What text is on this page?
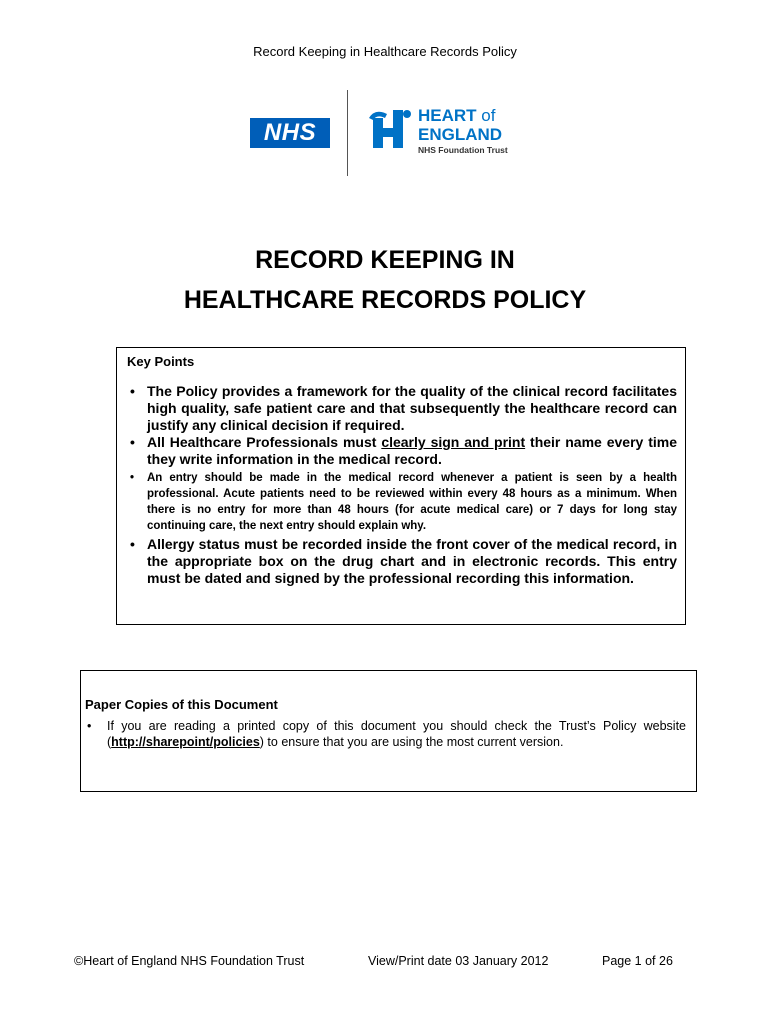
Record Keeping in Healthcare Records Policy
NHS
HEART of
ENGLAND
NHS Foundation Trust
RECORD KEEPING IN
HEALTHCARE RECORDS POLICY
Key Points
• The Policy provides a framework for the quality of the clinical record facilitates high quality, safe patient care and that subsequently the healthcare record can justify any clinical decision if required.
• All Healthcare Professionals must clearly sign and print their name every time they write information in the medical record.
• An entry should be made in the medical record whenever a patient is seen by a health professional. Acute patients need to be reviewed within every 48 hours as a minimum. When there is no entry for more than 48 hours (for acute medical care) or 7 days for long stay continuing care, the next entry should explain why.
• Allergy status must be recorded inside the front cover of the medical record, in the appropriate box on the drug chart and in electronic records. This entry must be dated and signed by the professional recording this information.
Paper Copies of this Document
• If you are reading a printed copy of this document you should check the Trust’s Policy website (http://sharepoint/policies) to ensure that you are using the most current version.
©Heart of England NHS Foundation Trust	View/Print date 03 January 2012	Page 1 of 26
